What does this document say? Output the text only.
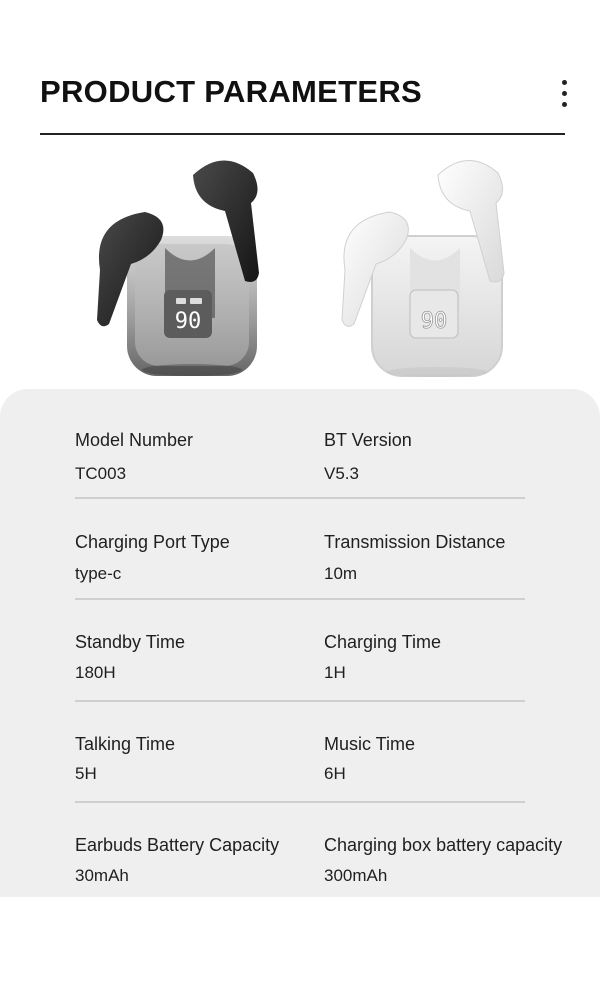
PRODUCT PARAMETERS
90	90
Model Number
TC003
BT Version
V5.3
Charging Port Type
type-c
Transmission Distance
10m
Standby Time
180H
Charging Time
1H
Talking Time
5H
Music Time
6H
Earbuds Battery Capacity
30mAh
Charging box battery capacity
300mAh
